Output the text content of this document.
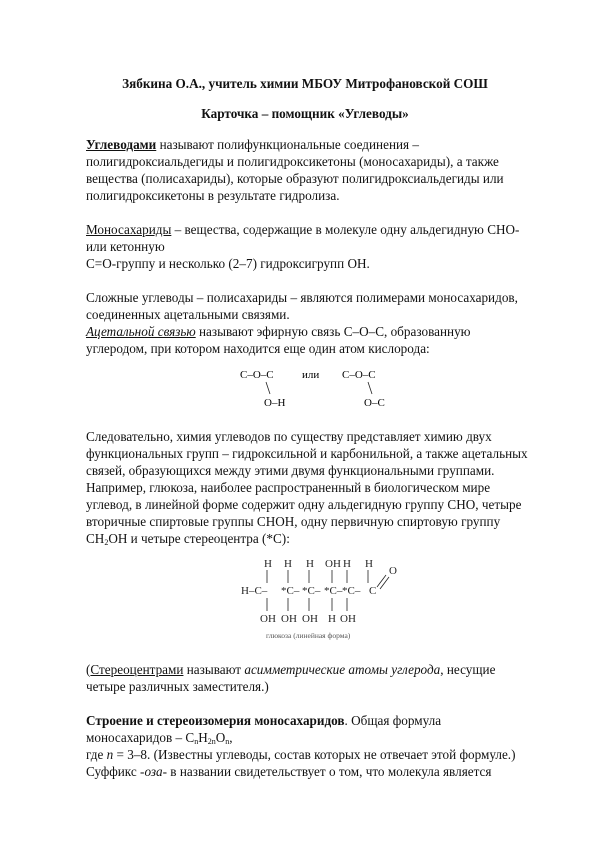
Зябкина О.А., учитель химии МБОУ Митрофановской СОШ
Карточка – помощник «Углеводы»
Углеводами называют полифункциональные соединения –
полигидроксиальдегиды и полигидроксикетоны (моносахариды), а также
вещества (полисахариды), которые образуют полигидроксиальдегиды или
полигидроксикетоны в результате гидролиза.
Моносахариды – вещества, содержащие в молекуле одну альдегидную СНО-
или кетонную
С=О-группу и несколько (2–7) гидроксигрупп ОН.
Сложные углеводы – полисахариды – являются полимерами моносахаридов,
соединенных ацетальными связями.
Ацетальной связью называют эфирную связь С–О–С, образованную
углеродом, при котором находится еще один атом кислорода:
C–O–C	или C–O–C
O–H	O–C
Следовательно, химия углеводов по существу представляет химию двух
функциональных групп – гидроксильной и карбонильной, а также ацетальных
связей, образующихся между этими двумя функциональными группами.
Например, глюкоза, наиболее распространенный в биологическом мире
углевод, в линейной форме содержит одну альдегидную группу СНО, четыре
вторичные спиртовые группы СНОН, одну первичную спиртовую группу
$CH_2OH$ и четыре стереоцентра (*С):
H H H OH H H
H–C– *C– *C– *C– *C– C
O
OH OH OH H OH
глюкоза (линейная форма)
(Стереоцентрами называют асимметрические атомы углерода, несущие
четыре различных заместителя.)
Строение и стереоизомерия моносахаридов. Общая формула
моносахаридов – $C_nH_{2n}O_n$,
где n = 3–8. (Известны углеводы, состав которых не отвечает этой формуле.)
Суффикс -оза- в названии свидетельствует о том, что молекула является
